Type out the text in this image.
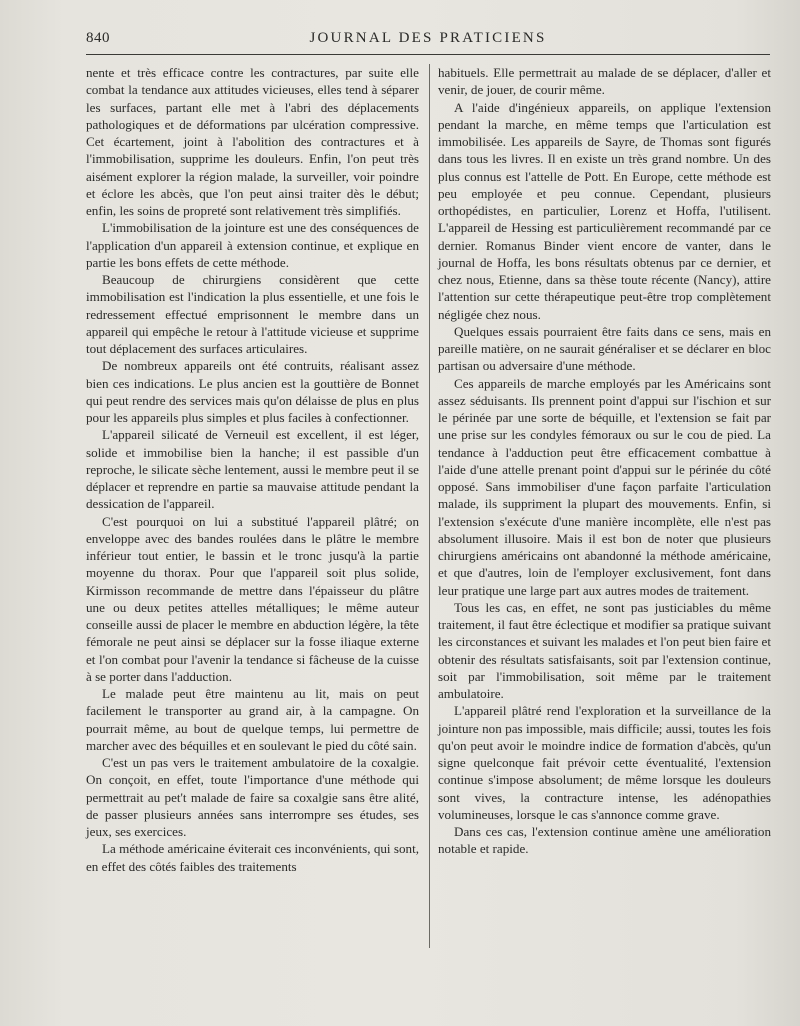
840	JOURNAL DES PRATICIENS

nente et très efficace contre les contractures, par suite elle combat la tendance aux attitudes vicieuses, elles tend à séparer les surfaces, partant elle met à l'abri des déplacements pathologiques et de déformations par ulcération compressive. Cet écartement, joint à l'abolition des contractures et à l'immobilisation, supprime les douleurs. Enfin, l'on peut très aisément explorer la région malade, la surveiller, voir poindre et éclore les abcès, que l'on peut ainsi traiter dès le début; enfin, les soins de propreté sont relativement très simplifiés.

L'immobilisation de la jointure est une des conséquences de l'application d'un appareil à extension continue, et explique en partie les bons effets de cette méthode.

Beaucoup de chirurgiens considèrent que cette immobilisation est l'indication la plus essentielle, et une fois le redressement effectué emprisonnent le membre dans un appareil qui empêche le retour à l'attitude vicieuse et supprime tout déplacement des surfaces articulaires.

De nombreux appareils ont été contruits, réalisant assez bien ces indications. Le plus ancien est la gouttière de Bonnet qui peut rendre des services mais qu'on délaisse de plus en plus pour les appareils plus simples et plus faciles à confectionner.

L'appareil silicaté de Verneuil est excellent, il est léger, solide et immobilise bien la hanche; il est passible d'un reproche, le silicate sèche lentement, aussi le membre peut il se déplacer et reprendre en partie sa mauvaise attitude pendant la dessication de l'appareil.

C'est pourquoi on lui a substitué l'appareil plâtré; on enveloppe avec des bandes roulées dans le plâtre le membre inférieur tout entier, le bassin et le tronc jusqu'à la partie moyenne du thorax. Pour que l'appareil soit plus solide, Kirmisson recommande de mettre dans l'épaisseur du plâtre une ou deux petites attelles métalliques; le même auteur conseille aussi de placer le membre en abduction légère, la tête fémorale ne peut ainsi se déplacer sur la fosse iliaque externe et l'on combat pour l'avenir la tendance si fâcheuse de la cuisse à se porter dans l'adduction.

Le malade peut être maintenu au lit, mais on peut facilement le transporter au grand air, à la campagne. On pourrait même, au bout de quelque temps, lui permettre de marcher avec des béquilles et en soulevant le pied du côté sain.

C'est un pas vers le traitement ambulatoire de la coxalgie. On conçoit, en effet, toute l'importance d'une méthode qui permettrait au pet't malade de faire sa coxalgie sans être alité, de passer plusieurs années sans interrompre ses études, ses jeux, ses exercices.

La méthode américaine éviterait ces inconvénients, qui sont, en effet des côtés faibles des traitements

habituels. Elle permettrait au malade de se déplacer, d'aller et venir, de jouer, de courir même.

A l'aide d'ingénieux appareils, on applique l'extension pendant la marche, en même temps que l'articulation est immobilisée. Les appareils de Sayre, de Thomas sont figurés dans tous les livres. Il en existe un très grand nombre. Un des plus connus est l'attelle de Pott. En Europe, cette méthode est peu employée et peu connue. Cependant, plusieurs orthopédistes, en particulier, Lorenz et Hoffa, l'utilisent. L'appareil de Hessing est particulièrement recommandé par ce dernier. Romanus Binder vient encore de vanter, dans le journal de Hoffa, les bons résultats obtenus par ce dernier, et chez nous, Etienne, dans sa thèse toute récente (Nancy), attire l'attention sur cette thérapeutique peut-être trop complètement négligée chez nous.

Quelques essais pourraient être faits dans ce sens, mais en pareille matière, on ne saurait généraliser et se déclarer en bloc partisan ou adversaire d'une méthode.

Ces appareils de marche employés par les Américains sont assez séduisants. Ils prennent point d'appui sur l'ischion et sur le périnée par une sorte de béquille, et l'extension se fait par une prise sur les condyles fémoraux ou sur le cou de pied. La tendance à l'adduction peut être efficacement combattue à l'aide d'une attelle prenant point d'appui sur le périnée du côté opposé. Sans immobiliser d'une façon parfaite l'articulation malade, ils suppriment la plupart des mouvements. Enfin, si l'extension s'exécute d'une manière incomplète, elle n'est pas absolument illusoire. Mais il est bon de noter que plusieurs chirurgiens américains ont abandonné la méthode américaine, et que d'autres, loin de l'employer exclusivement, font dans leur pratique une large part aux autres modes de traitement.

Tous les cas, en effet, ne sont pas justiciables du même traitement, il faut être éclectique et modifier sa pratique suivant les circonstances et suivant les malades et l'on peut bien faire et obtenir des résultats satisfaisants, soit par l'extension continue, soit par l'immobilisation, soit même par le traitement ambulatoire.

L'appareil plâtré rend l'exploration et la surveillance de la jointure non pas impossible, mais difficile; aussi, toutes les fois qu'on peut avoir le moindre indice de formation d'abcès, qu'un signe quelconque fait prévoir cette éventualité, l'extension continue s'impose absolument; de même lorsque les douleurs sont vives, la contracture intense, les adénopathies volumineuses, lorsque le cas s'annonce comme grave.

Dans ces cas, l'extension continue amène une amélioration notable et rapide.
